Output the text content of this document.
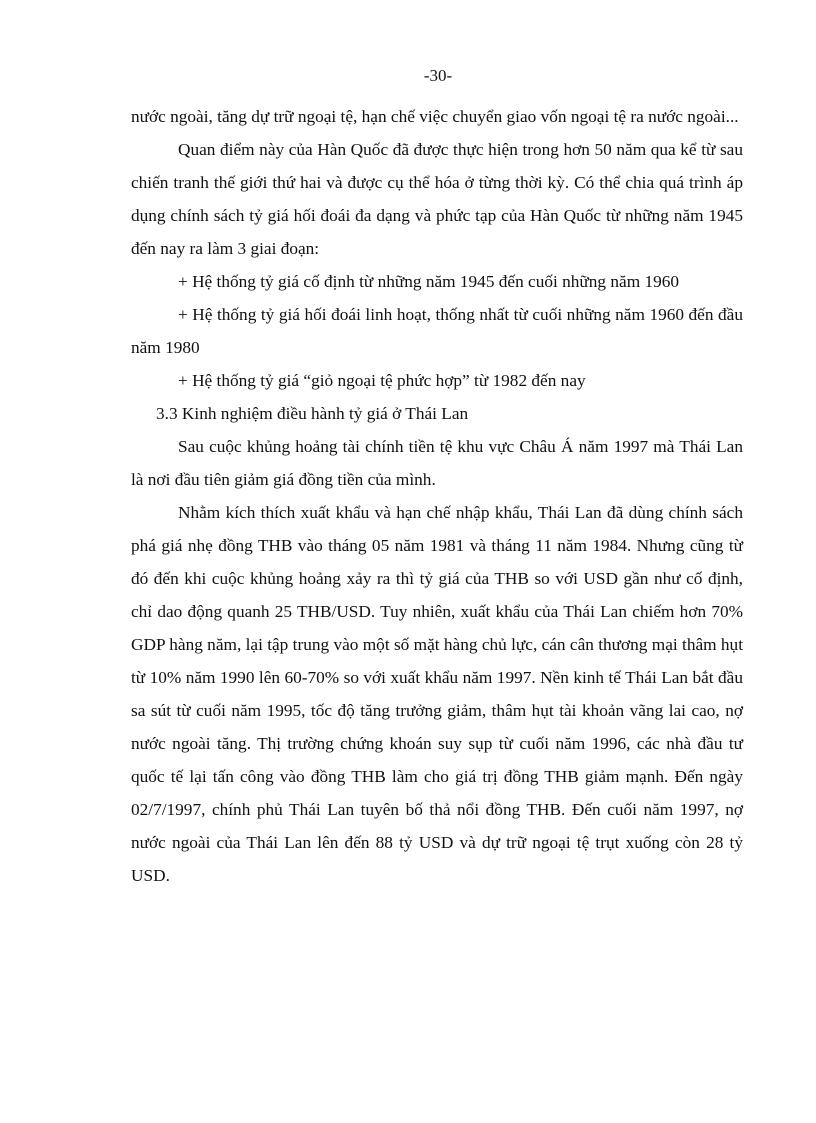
-30-

nước ngoài, tăng dự trữ ngoại tệ, hạn chế việc chuyển giao vốn ngoại tệ ra nước ngoài...

Quan điểm này của Hàn Quốc đã được thực hiện trong hơn 50 năm qua kể từ sau chiến tranh thế giới thứ hai và được cụ thể hóa ở từng thời kỳ. Có thể chia quá trình áp dụng chính sách tỷ giá hối đoái đa dạng và phức tạp của Hàn Quốc từ những năm 1945 đến nay ra làm 3 giai đoạn:

+ Hệ thống tỷ giá cố định từ những năm 1945 đến cuối những năm 1960

+ Hệ thống tỷ giá hối đoái linh hoạt, thống nhất từ cuối những năm 1960 đến đầu năm 1980

+ Hệ thống tỷ giá “giỏ ngoại tệ phức hợp” từ 1982 đến nay

3.3 Kinh nghiệm điều hành tỷ giá ở Thái Lan

Sau cuộc khủng hoảng tài chính tiền tệ khu vực Châu Á năm 1997 mà Thái Lan là nơi đầu tiên giảm giá đồng tiền của mình.

Nhằm kích thích xuất khẩu và hạn chế nhập khẩu, Thái Lan đã dùng chính sách phá giá nhẹ đồng THB vào tháng 05 năm 1981 và tháng 11 năm 1984. Nhưng cũng từ đó đến khi cuộc khủng hoảng xảy ra thì tỷ giá của THB so với USD gần như cố định, chỉ dao động quanh 25 THB/USD. Tuy nhiên, xuất khẩu của Thái Lan chiếm hơn 70% GDP hàng năm, lại tập trung vào một số mặt hàng chủ lực, cán cân thương mại thâm hụt từ 10% năm 1990 lên 60-70% so với xuất khẩu năm 1997. Nền kinh tế Thái Lan bắt đầu sa sút từ cuối năm 1995, tốc độ tăng trưởng giảm, thâm hụt tài khoản vãng lai cao, nợ nước ngoài tăng. Thị trường chứng khoán suy sụp từ cuối năm 1996, các nhà đầu tư quốc tế lại tấn công vào đồng THB làm cho giá trị đồng THB giảm mạnh. Đến ngày 02/7/1997, chính phủ Thái Lan tuyên bố thả nổi đồng THB. Đến cuối năm 1997, nợ nước ngoài của Thái Lan lên đến 88 tỷ USD và dự trữ ngoại tệ trụt xuống còn 28 tỷ USD.
